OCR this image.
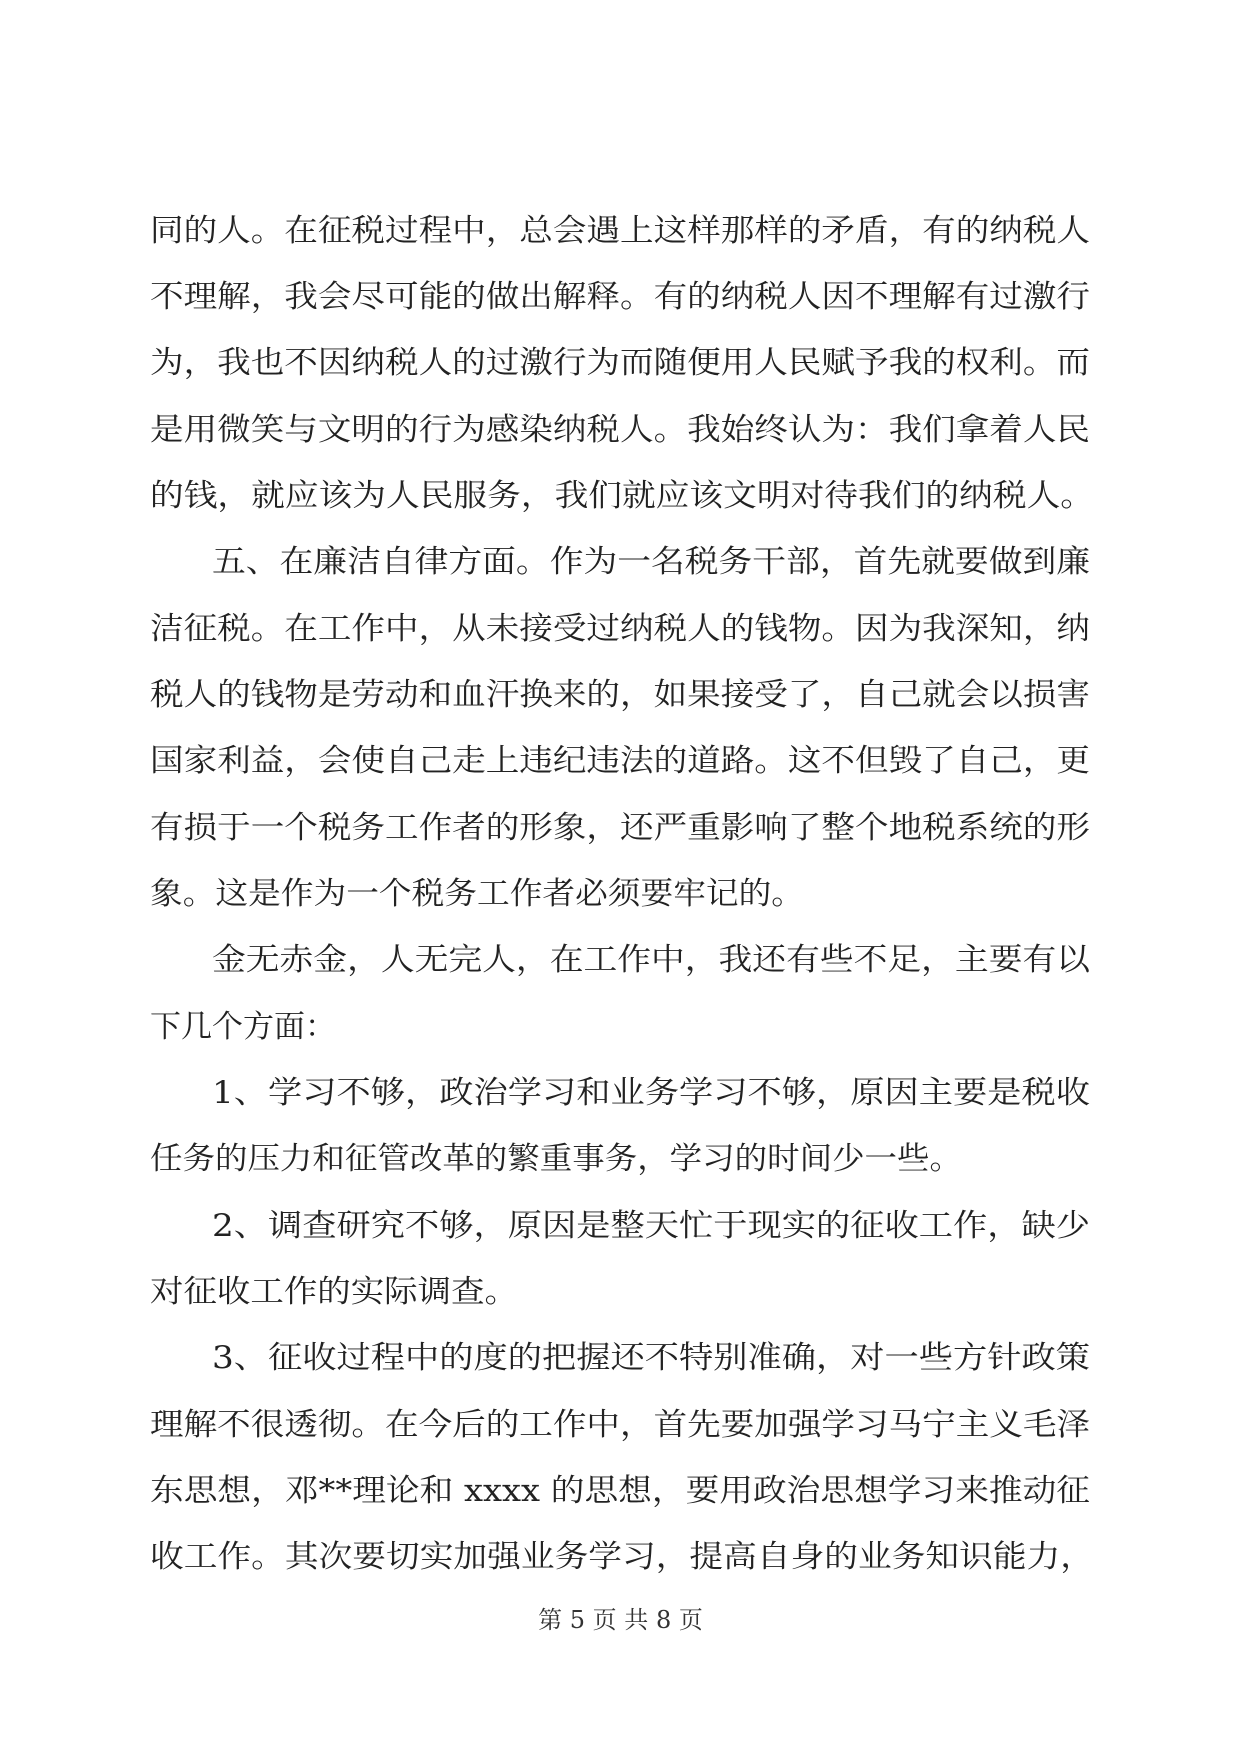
同的人。在征税过程中，总会遇上这样那样的矛盾，有的纳税人
不理解，我会尽可能的做出解释。有的纳税人因不理解有过激行
为，我也不因纳税人的过激行为而随便用人民赋予我的权利。而
是用微笑与文明的行为感染纳税人。我始终认为：我们拿着人民
的钱，就应该为人民服务，我们就应该文明对待我们的纳税人。
五、在廉洁自律方面。作为一名税务干部，首先就要做到廉
洁征税。在工作中，从未接受过纳税人的钱物。因为我深知，纳
税人的钱物是劳动和血汗换来的，如果接受了，自己就会以损害
国家利益，会使自己走上违纪违法的道路。这不但毁了自己，更
有损于一个税务工作者的形象，还严重影响了整个地税系统的形
象。这是作为一个税务工作者必须要牢记的。
金无赤金，人无完人，在工作中，我还有些不足，主要有以
下几个方面：
1、学习不够，政治学习和业务学习不够，原因主要是税收
任务的压力和征管改革的繁重事务，学习的时间少一些。
2、调查研究不够，原因是整天忙于现实的征收工作，缺少
对征收工作的实际调查。
3、征收过程中的度的把握还不特别准确，对一些方针政策
理解不很透彻。在今后的工作中，首先要加强学习马宁主义毛泽
东思想，邓**理论和 xxxx 的思想，要用政治思想学习来推动征
收工作。其次要切实加强业务学习，提高自身的业务知识能力，
第 5 页 共 8 页
